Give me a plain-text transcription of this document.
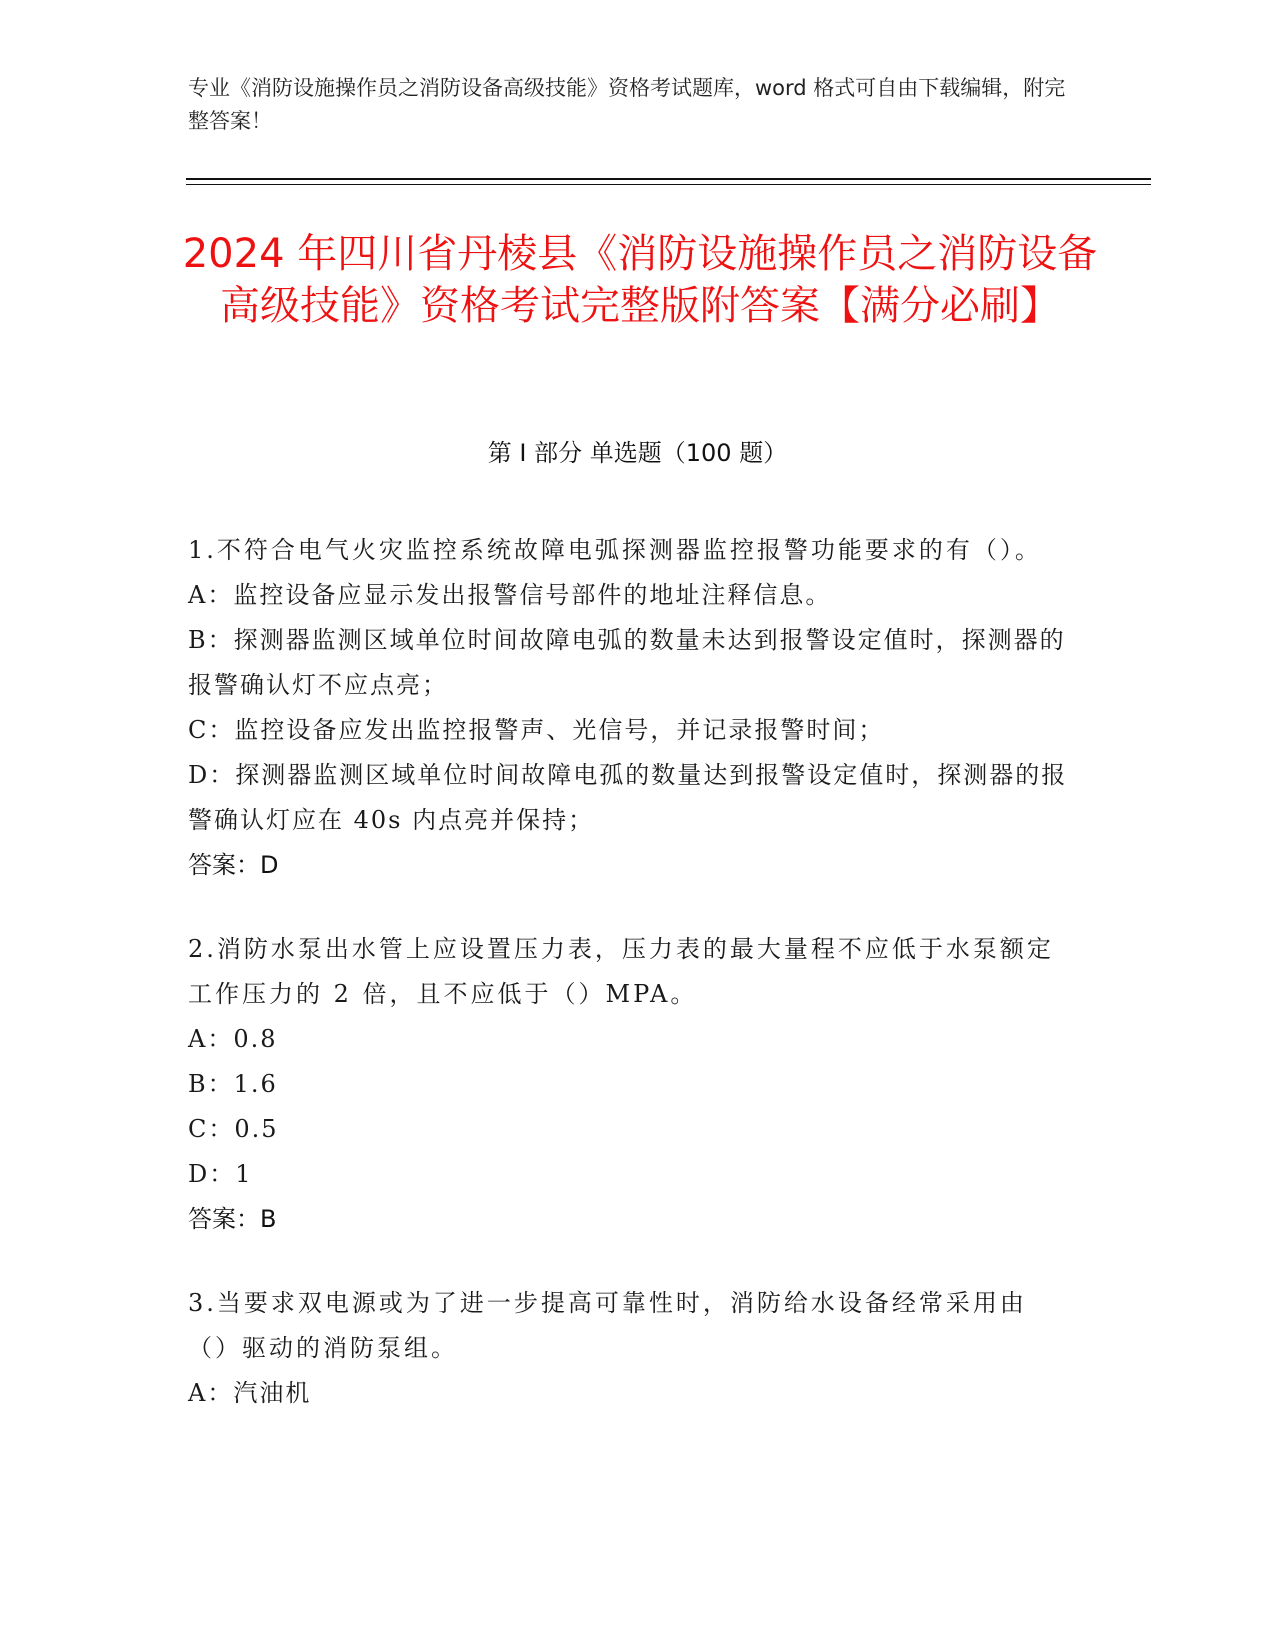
专业《消防设施操作员之消防设备高级技能》资格考试题库，word 格式可自由下载编辑，附完整答案！
2024 年四川省丹棱县《消防设施操作员之消防设备高级技能》资格考试完整版附答案【满分必刷】
第 I 部分 单选题（100 题）
1.不符合电气火灾监控系统故障电弧探测器监控报警功能要求的有（）。
A：监控设备应显示发出报警信号部件的地址注释信息。
B：探测器监测区域单位时间故障电弧的数量未达到报警设定值时，探测器的报警确认灯不应点亮；
C：监控设备应发出监控报警声、光信号，并记录报警时间；
D：探测器监测区域单位时间故障电孤的数量达到报警设定值时，探测器的报警确认灯应在 40s 内点亮并保持；
答案：D
2.消防水泵出水管上应设置压力表，压力表的最大量程不应低于水泵额定工作压力的 2 倍，且不应低于（）MPA。
A：0.8
B：1.6
C：0.5
D：1
答案：B
3.当要求双电源或为了进一步提高可靠性时，消防给水设备经常采用由（）驱动的消防泵组。
A：汽油机
